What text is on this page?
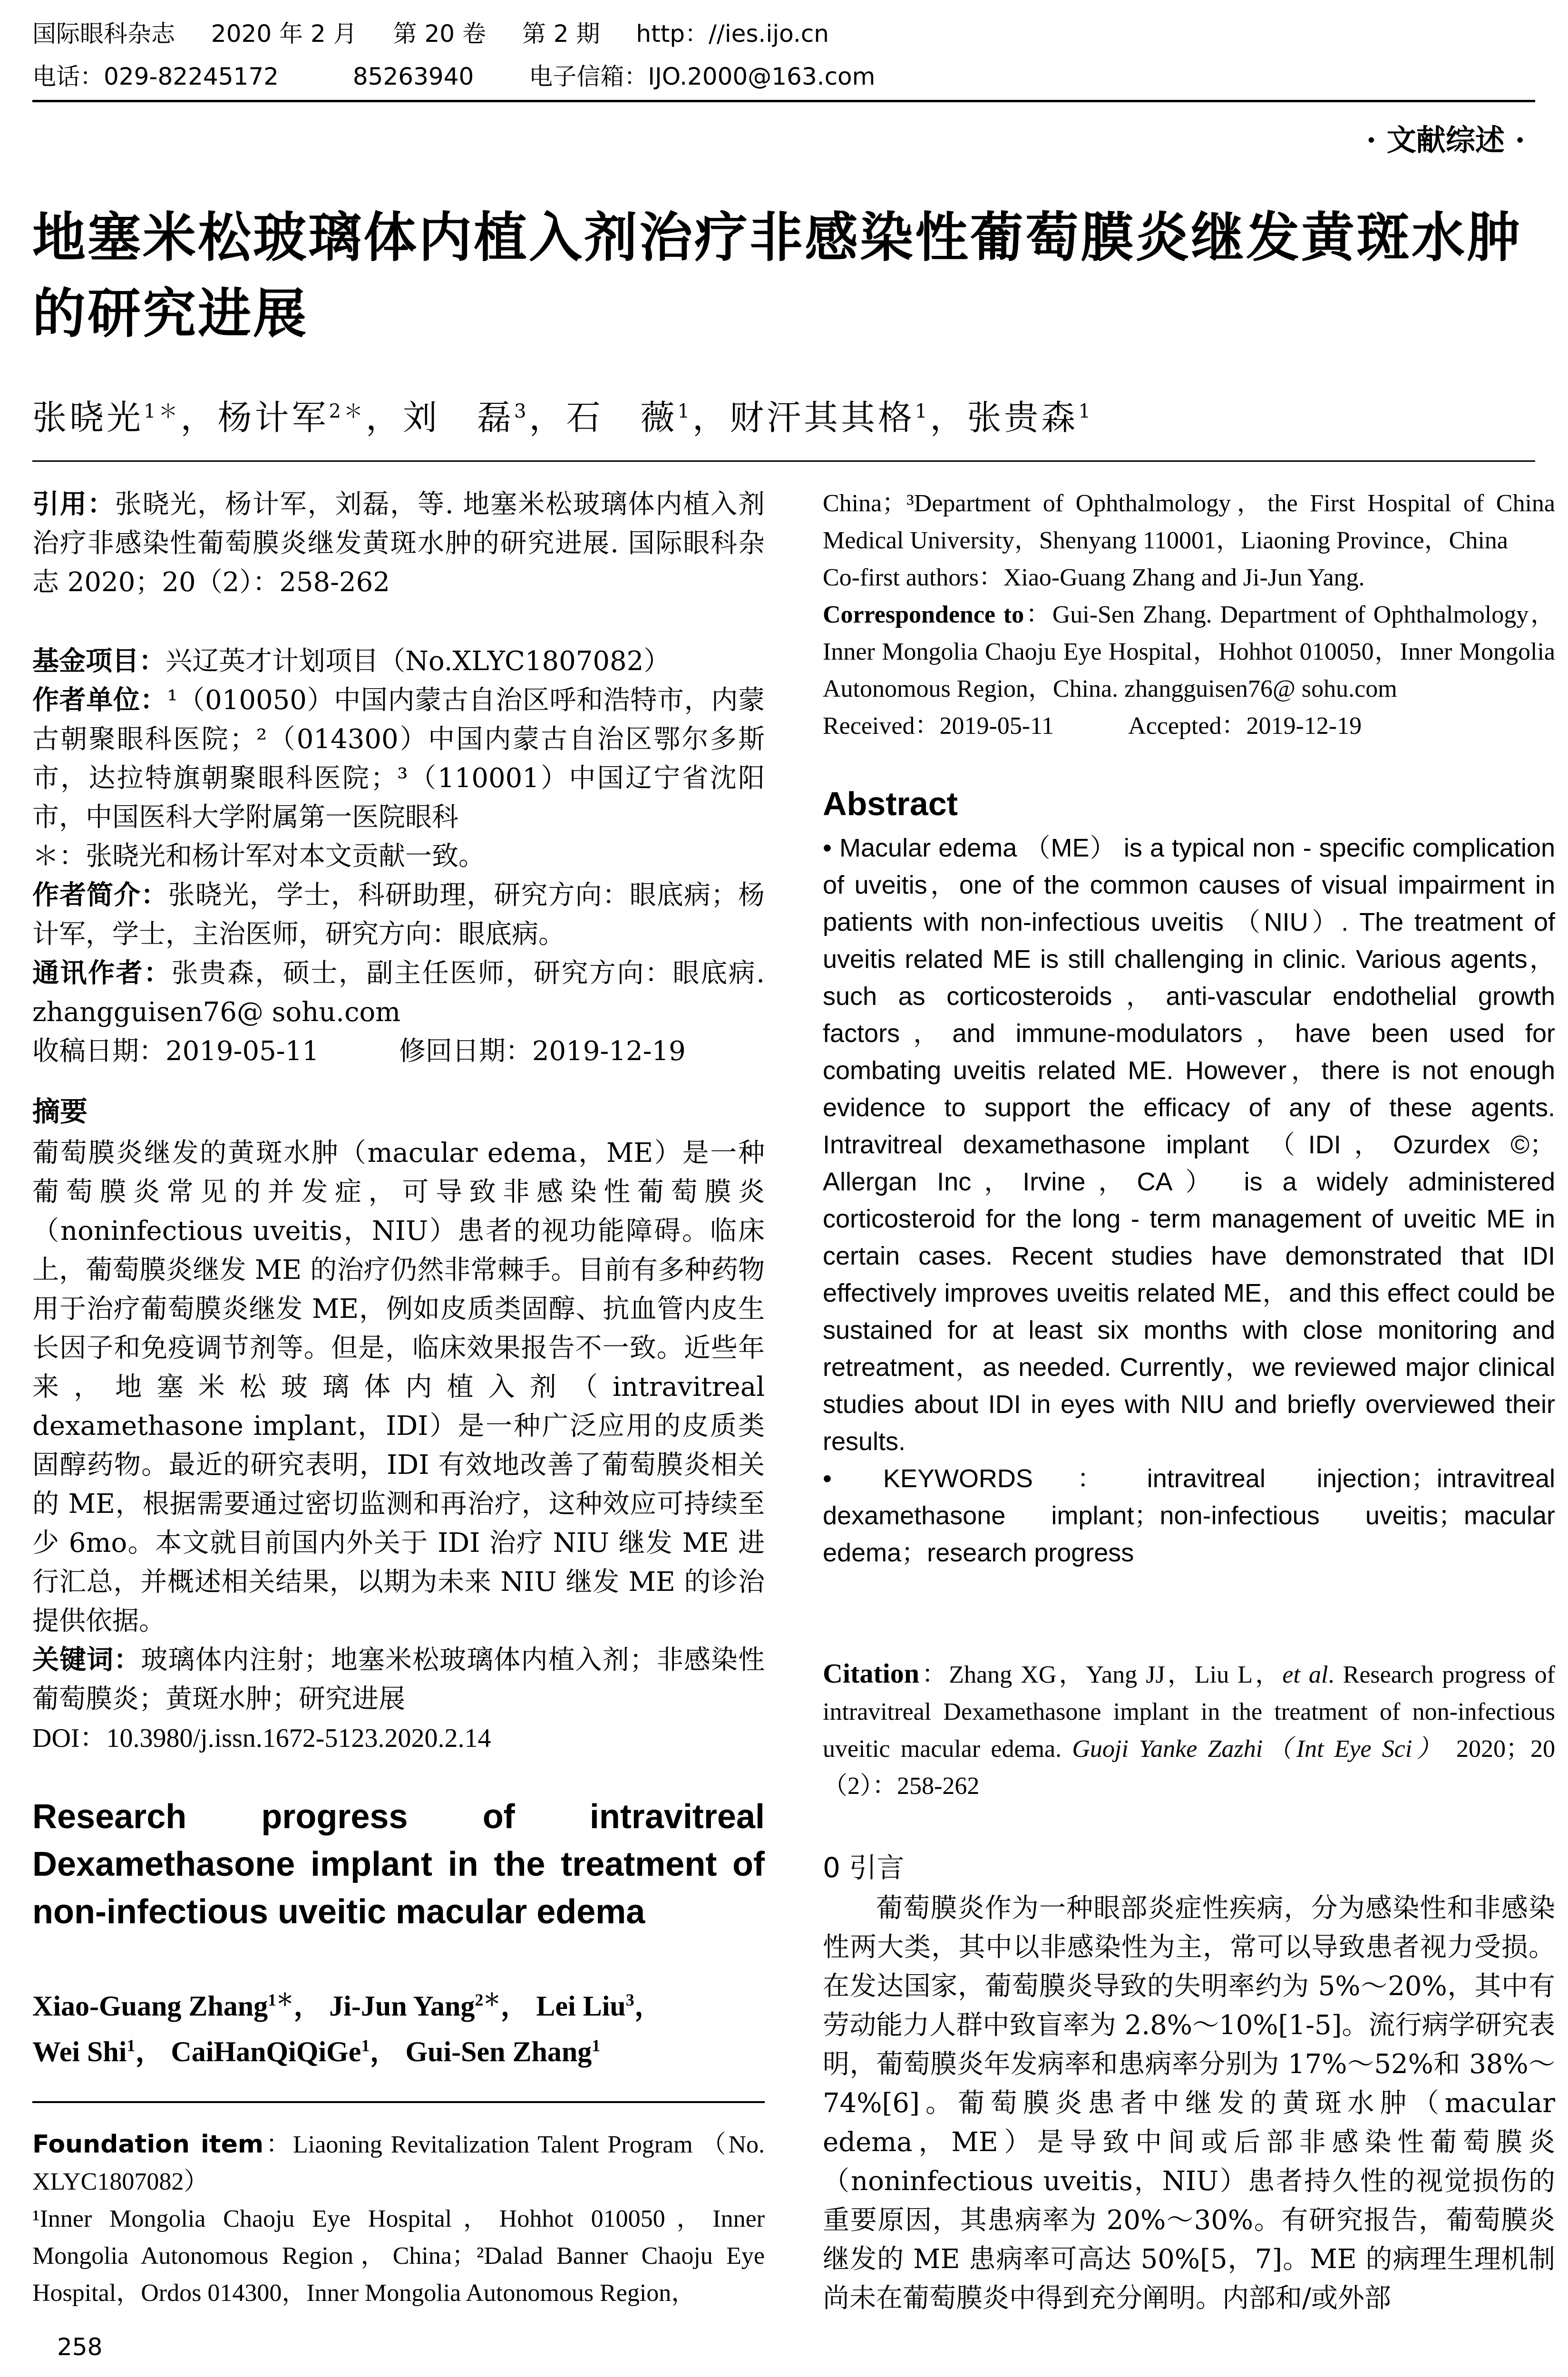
国际眼科杂志 2020 年 2 月 第 20 卷 第 2 期 http：//ies.ijo.cn
电话：029-82245172	85263940 电子信箱：IJO.2000@163.com
· 文献综述 ·
地塞米松玻璃体内植入剂治疗非感染性葡萄膜炎继发黄斑水肿的研究进展
张晓光$^{1*}$，杨计军$^{2*}$，刘　磊$^3$，石　薇$^1$，财汗其其格$^1$，张贵森$^1$
引用：张晓光，杨计军，刘磊，等. 地塞米松玻璃体内植入剂治疗非感染性葡萄膜炎继发黄斑水肿的研究进展. 国际眼科杂志 2020；20（2）：258-262

基金项目：兴辽英才计划项目（No.XLYC1807082）

作者单位：¹（010050）中国内蒙古自治区呼和浩特市，内蒙古朝聚眼科医院；²（014300）中国内蒙古自治区鄂尔多斯市，达拉特旗朝聚眼科医院；³（110001）中国辽宁省沈阳市，中国医科大学附属第一医院眼科

＊：张晓光和杨计军对本文贡献一致。

作者简介：张晓光，学士，科研助理，研究方向：眼底病；杨计军，学士，主治医师，研究方向：眼底病。

通讯作者：张贵森，硕士，副主任医师，研究方向：眼底病. zhangguisen76@ sohu.com

收稿日期：2019-05-11　　　修回日期：2019-12-19

摘要

葡萄膜炎继发的黄斑水肿（macular edema，ME）是一种葡萄膜炎常见的并发症，可导致非感染性葡萄膜炎（noninfectious uveitis，NIU）患者的视功能障碍。临床上，葡萄膜炎继发 ME 的治疗仍然非常棘手。目前有多种药物用于治疗葡萄膜炎继发 ME，例如皮质类固醇、抗血管内皮生长因子和免疫调节剂等。但是，临床效果报告不一致。近些年来，地塞米松玻璃体内植入剂（intravitreal dexamethasone implant，IDI）是一种广泛应用的皮质类固醇药物。最近的研究表明，IDI 有效地改善了葡萄膜炎相关的 ME，根据需要通过密切监测和再治疗，这种效应可持续至少 6mo。本文就目前国内外关于 IDI 治疗 NIU 继发 ME 进行汇总，并概述相关结果，以期为未来 NIU 继发 ME 的诊治提供依据。

关键词：玻璃体内注射；地塞米松玻璃体内植入剂；非感染性葡萄膜炎；黄斑水肿；研究进展

DOI：10.3980/j.issn.1672-5123.2020.2.14

Research progress of intravitreal Dexamethasone implant in the treatment of non-infectious uveitic macular edema
Xiao-Guang Zhang$^{1*}$， Ji-Jun Yang$^{2*}$， Lei Liu$^3$，
Wei Shi$^1$， CaiHanQiQiGe$^1$， Gui-Sen Zhang$^1$

Foundation item：Liaoning Revitalization Talent Program （No. XLYC1807082）

¹Inner Mongolia Chaoju Eye Hospital，Hohhot 010050，Inner Mongolia Autonomous Region，China；²Dalad Banner Chaoju Eye Hospital，Ordos 014300，Inner Mongolia Autonomous Region，

China；³Department of Ophthalmology，the First Hospital of China Medical University，Shenyang 110001，Liaoning Province，China

Co-first authors：Xiao-Guang Zhang and Ji-Jun Yang.

Correspondence to：Gui-Sen Zhang. Department of Ophthalmology，Inner Mongolia Chaoju Eye Hospital，Hohhot 010050，Inner Mongolia Autonomous Region，China. zhangguisen76@ sohu.com

Received：2019-05-11　　　Accepted：2019-12-19

Abstract

• Macular edema （ME） is a typical non - specific complication of uveitis，one of the common causes of visual impairment in patients with non-infectious uveitis （NIU）. The treatment of uveitis related ME is still challenging in clinic. Various agents，such as corticosteroids，anti-vascular endothelial growth factors，and immune-modulators，have been used for combating uveitis related ME. However，there is not enough evidence to support the efficacy of any of these agents. Intravitreal dexamethasone implant （IDI，Ozurdex ©；Allergan Inc，Irvine，CA） is a widely administered corticosteroid for the long - term management of uveitic ME in certain cases. Recent studies have demonstrated that IDI effectively improves uveitis related ME，and this effect could be sustained for at least six months with close monitoring and retreatment，as needed. Currently，we reviewed major clinical studies about IDI in eyes with NIU and briefly overviewed their results.

• KEYWORDS：intravitreal injection；intravitreal dexamethasone implant；non-infectious uveitis；macular edema；research progress

Citation：Zhang XG，Yang JJ，Liu L，et al. Research progress of intravitreal Dexamethasone implant in the treatment of non-infectious uveitic macular edema. Guoji Yanke Zazhi（Int Eye Sci） 2020；20（2）：258-262
0 引言

葡萄膜炎作为一种眼部炎症性疾病，分为感染性和非感染性两大类，其中以非感染性为主，常可以导致患者视力受损。在发达国家，葡萄膜炎导致的失明率约为 5%～20%，其中有劳动能力人群中致盲率为 2.8%～10%[1-5]。流行病学研究表明，葡萄膜炎年发病率和患病率分别为 17%～52%和 38%～74%[6]。葡萄膜炎患者中继发的黄斑水肿（macular edema，ME）是导致中间或后部非感染性葡萄膜炎（noninfectious uveitis，NIU）患者持久性的视觉损伤的重要原因，其患病率为 20%～30%。有研究报告，葡萄膜炎继发的 ME 患病率可高达 50%[5，7]。ME 的病理生理机制尚未在葡萄膜炎中得到充分阐明。内部和/或外部

258
